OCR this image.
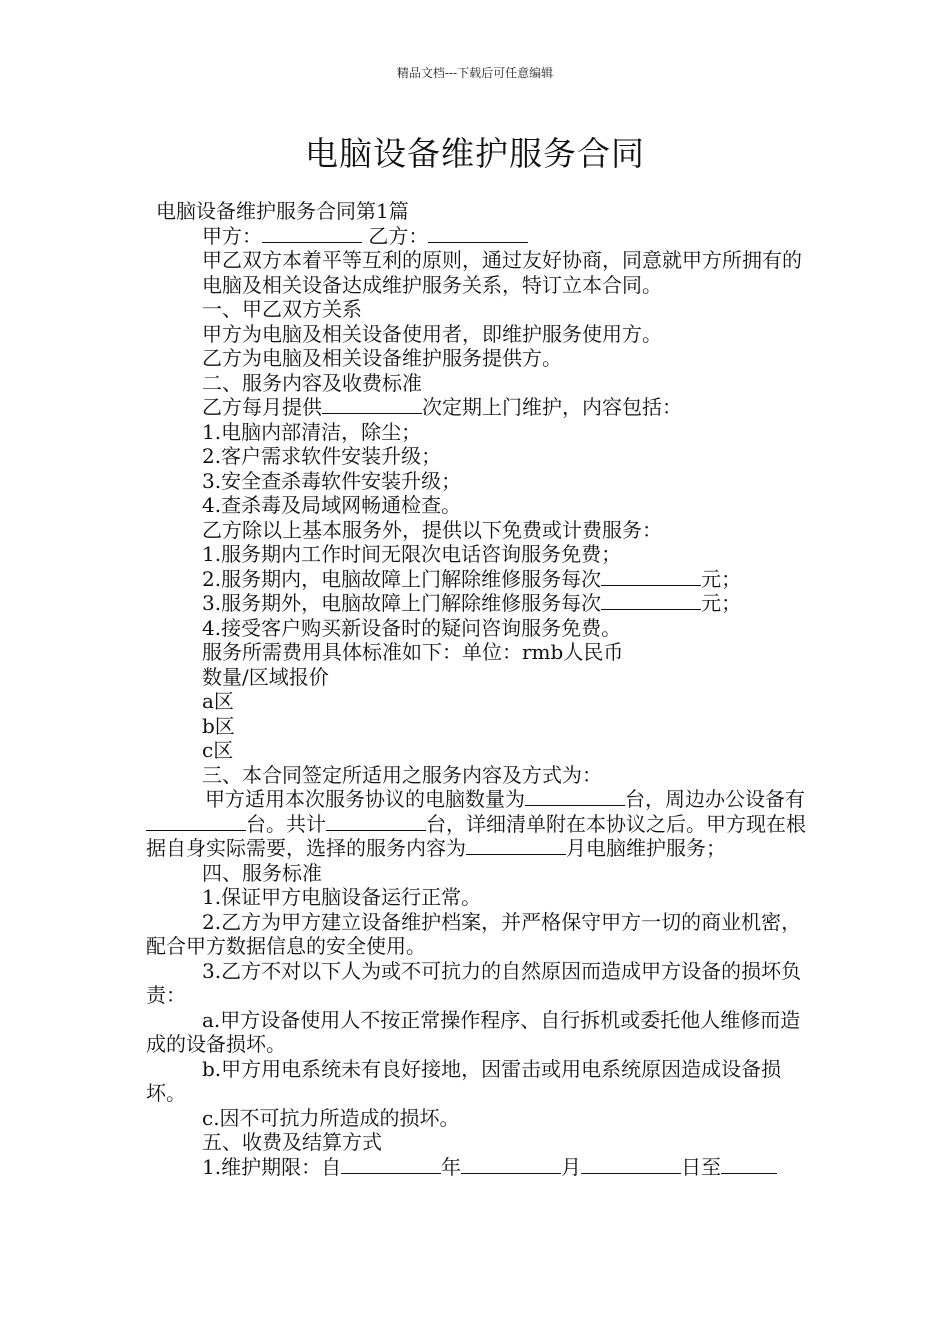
精品文档---下载后可任意编辑
电脑设备维护服务合同

电脑设备维护服务合同第1篇

甲方：	乙方：

甲乙双方本着平等互利的原则，通过友好协商，同意就甲方所拥有的电脑及相关设备达成维护服务关系，特订立本合同。

一、甲乙双方关系

甲方为电脑及相关设备使用者，即维护服务使用方。

乙方为电脑及相关设备维护服务提供方。

二、服务内容及收费标准

乙方每月提供	次定期上门维护，内容包括：

1.电脑内部清洁，除尘；

2.客户需求软件安装升级；

3.安全查杀毒软件安装升级；

4.查杀毒及局域网畅通检查。

乙方除以上基本服务外，提供以下免费或计费服务：

1.服务期内工作时间无限次电话咨询服务免费；

2.服务期内，电脑故障上门解除维修服务每次	元；

3.服务期外，电脑故障上门解除维修服务每次	元；

4.接受客户购买新设备时的疑问咨询服务免费。

服务所需费用具体标准如下：单位：rmb人民币

数量/区域报价

a区

b区

c区

三、本合同签定所适用之服务内容及方式为：

甲方适用本次服务协议的电脑数量为	台，周边办公设备有台。共计	台，详细清单附在本协议之后。甲方现在根据自身实际需要，选择的服务内容为	月电脑维护服务；

四、服务标准

1.保证甲方电脑设备运行正常。

2.乙方为甲方建立设备维护档案，并严格保守甲方一切的商业机密，配合甲方数据信息的安全使用。

3.乙方不对以下人为或不可抗力的自然原因而造成甲方设备的损坏负责：

a.甲方设备使用人不按正常操作程序、自行拆机或委托他人维修而造成的设备损坏。

b.甲方用电系统未有良好接地，因雷击或用电系统原因造成设备损坏。

c.因不可抗力所造成的损坏。

五、收费及结算方式

1.维护期限：自	年	月	日至
